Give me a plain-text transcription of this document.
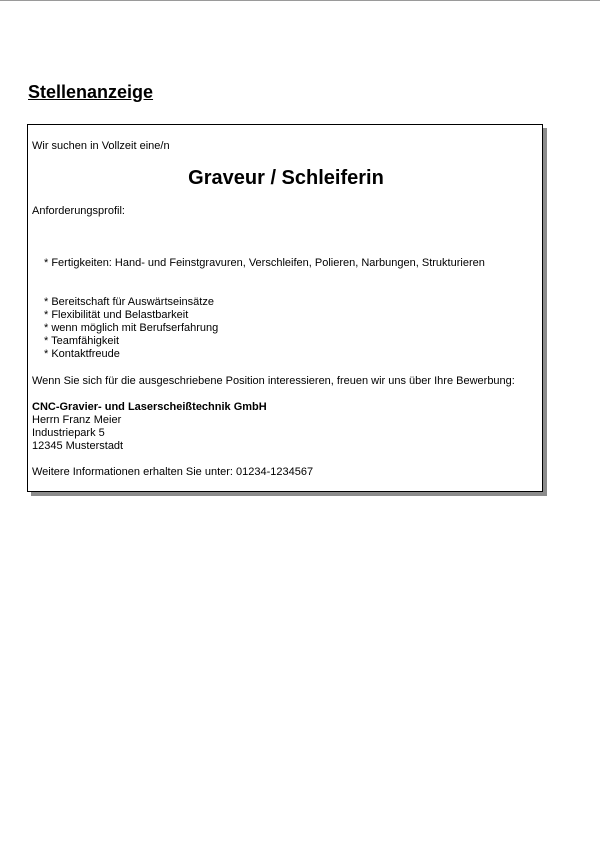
Stellenanzeige

Wir suchen in Vollzeit eine/n

Graveur / Schleiferin

Anforderungsprofil:

* Fertigkeiten: Hand- und Feinstgravuren, Verschleifen, Polieren, Narbungen, Strukturieren

* Bereitschaft für Auswärtseinsätze

* Flexibilität und Belastbarkeit

* wenn möglich mit Berufserfahrung

* Teamfähigkeit

* Kontaktfreude

Wenn Sie sich für die ausgeschriebene Position interessieren, freuen wir uns über Ihre Bewerbung:

CNC-Gravier- und Laserscheißtechnik GmbH

Herrn Franz Meier

Industriepark 5

12345 Musterstadt

Weitere Informationen erhalten Sie unter: 01234-1234567
